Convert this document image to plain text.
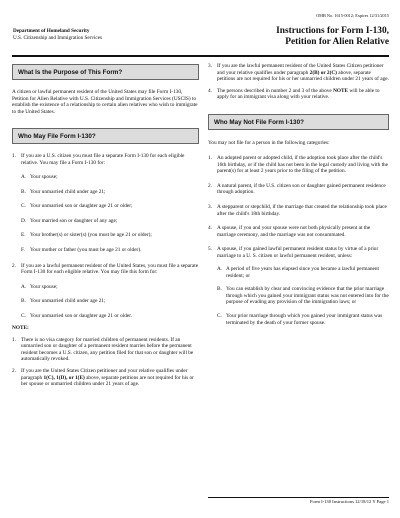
OMB No. 1615-0012; Expires 12/31/2015
Department of Homeland Security
U.S. Citizenship and Immigration Services
Instructions for Form I-130,
Petition for Alien Relative
What Is the Purpose of This Form?

A citizen or lawful permanent resident of the United States may file Form I-130, Petition for Alien Relative with U.S. Citizenship and Immigration Services (USCIS) to establish the existence of a relationship to certain alien relatives who wish to immigrate to the United States.

Who May File Form I-130?
1. If you are a U.S. citizen you must file a separate Form I-130 for each eligible relative. You may file a Form I-130 for:
A. Your spouse;
B. Your unmarried child under age 21;
C. Your unmarried son or daughter age 21 or older;
D. Your married son or daughter of any age;
E. Your brother(s) or sister(s) (you must be age 21 or older);
F. Your mother or father (you must be age 21 or older).
2. If you are a lawful permanent resident of the United States, you must file a separate Form I-130 for each eligible relative. You may file this form for:
A. Your spouse;
B. Your unmarried child under age 21;
C. Your unmarried son or daughter age 21 or older.
NOTE:
1. There is no visa category for married children of permanent residents. If an unmarried son or daughter of a permanent resident marries before the permanent resident becomes a U.S. citizen, any petition filed for that son or daughter will be automatically revoked.
2. If you are the United States Citizen petitioner and your relative qualifies under paragraph 1(C), 1(D), or 1(E) above, separate petitions are not required for his or her spouse or unmarried children under 21 years of age.
3. If you are the lawful permanent resident of the United States Citizen petitioner and your relative qualifies under paragraph 2(B) or 2(C) above, separate petitions are not required for his or her unmarried children under 21 years of age.
4. The persons described in number 2 and 3 of the above NOTE will be able to apply for an immigrant visa along with your relative.
Who May Not File Form I-130?

You may not file for a person in the following categories:

1. An adopted parent or adopted child, if the adoption took place after the child's 16th birthday, or if the child has not been in the legal custody and living with the parent(s) for at least 2 years prior to the filing of the petition.
2. A natural parent, if the U.S. citizen son or daughter gained permanent residence through adoption.
3. A stepparent or stepchild, if the marriage that created the relationship took place after the child's 18th birthday.
4. A spouse, if you and your spouse were not both physically present at the marriage ceremony, and the marriage was not consummated.
5. A spouse, if you gained lawful permanent resident status by virtue of a prior marriage to a U. S. citizen or lawful permanent resident, unless:
A. A period of five years has elapsed since you became a lawful permanent resident; or
B. You can establish by clear and convincing evidence that the prior marriage through which you gained your immigrant status was not entered into for the purpose of evading any provision of the immigration laws; or
C. Your prior marriage through which you gained your immigrant status was terminated by the death of your former spouse.
Form I-130 Instructions 12/18/12 Y Page 1
